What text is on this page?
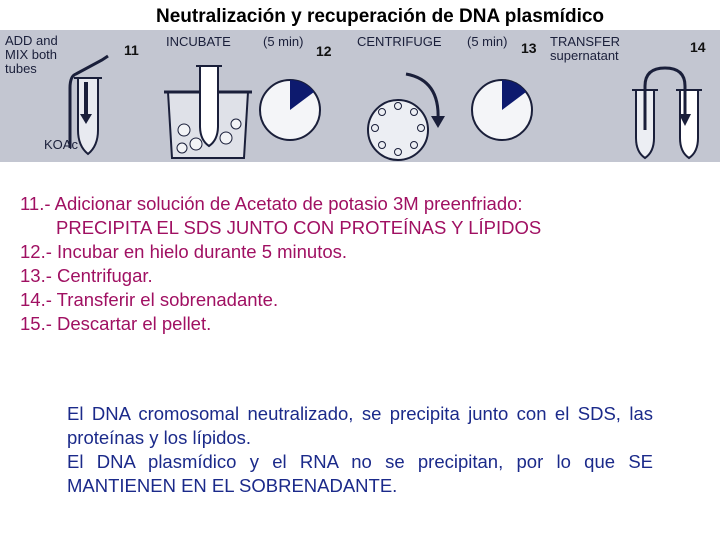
Neutralización y recuperación de DNA plasmídico
ADD and
MIX both
tubes
KOAc
11
INCUBATE (5 min)
12
CENTRIFUGE (5 min) 13 TRANSFER
supernatant
14
11.- Adicionar solución de Acetato de potasio 3M preenfriado:
PRECIPITA EL SDS JUNTO CON PROTEÍNAS Y LÍPIDOS
12.- Incubar en hielo durante 5 minutos.
13.- Centrifugar.
14.- Transferir el sobrenadante.
15.- Descartar el pellet.

El DNA cromosomal neutralizado, se precipita junto con el SDS, las proteínas y los lípidos.

El DNA plasmídico y el RNA no se precipitan, por lo que SE MANTIENEN EN EL SOBRENADANTE.
